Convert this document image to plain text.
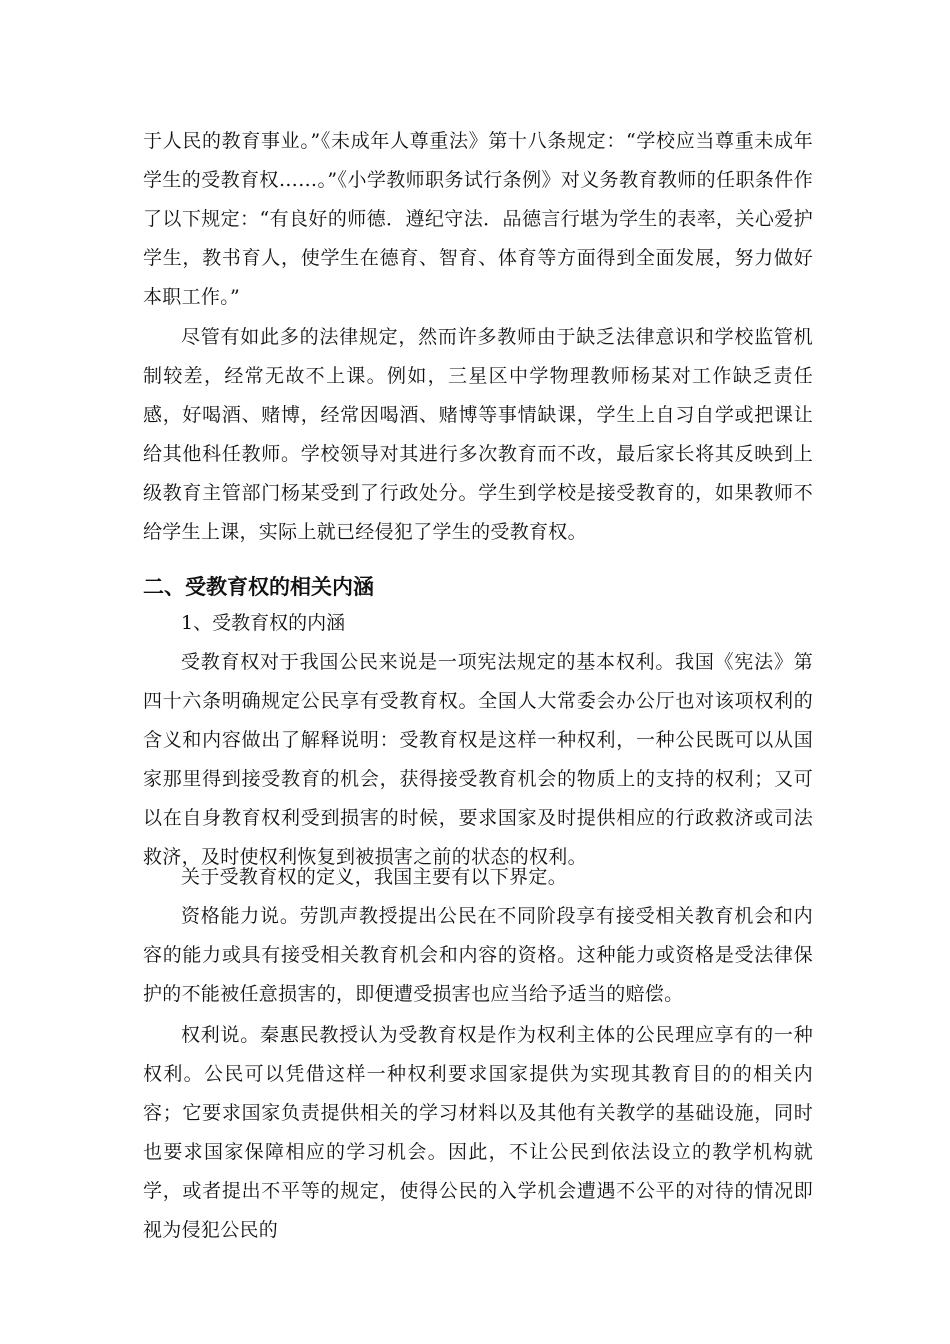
于人民的教育事业。”《未成年人尊重法》第十八条规定：“学校应当尊重未成年学生的受教育权……。”《小学教师职务试行条例》对义务教育教师的任职条件作了以下规定：“有良好的师德．遵纪守法．品德言行堪为学生的表率，关心爱护学生，教书育人，使学生在德育、智育、体育等方面得到全面发展，努力做好本职工作。”

尽管有如此多的法律规定，然而许多教师由于缺乏法律意识和学校监管机制较差，经常无故不上课。例如，三星区中学物理教师杨某对工作缺乏责任感，好喝酒、赌博，经常因喝酒、赌博等事情缺课，学生上自习自学或把课让给其他科任教师。学校领导对其进行多次教育而不改，最后家长将其反映到上级教育主管部门杨某受到了行政处分。学生到学校是接受教育的，如果教师不给学生上课，实际上就已经侵犯了学生的受教育权。

二、受教育权的相关内涵

1、受教育权的内涵

受教育权对于我国公民来说是一项宪法规定的基本权利。我国《宪法》第四十六条明确规定公民享有受教育权。全国人大常委会办公厅也对该项权利的含义和内容做出了解释说明：受教育权是这样一种权利，一种公民既可以从国家那里得到接受教育的机会，获得接受教育机会的物质上的支持的权利；又可以在自身教育权利受到损害的时候，要求国家及时提供相应的行政救济或司法救济，及时使权利恢复到被损害之前的状态的权利。

关于受教育权的定义，我国主要有以下界定。

资格能力说。劳凯声教授提出公民在不同阶段享有接受相关教育机会和内容的能力或具有接受相关教育机会和内容的资格。这种能力或资格是受法律保护的不能被任意损害的，即便遭受损害也应当给予适当的赔偿。

权利说。秦惠民教授认为受教育权是作为权利主体的公民理应享有的一种权利。公民可以凭借这样一种权利要求国家提供为实现其教育目的的相关内容；它要求国家负责提供相关的学习材料以及其他有关教学的基础设施，同时也要求国家保障相应的学习机会。因此，不让公民到依法设立的教学机构就学，或者提出不平等的规定，使得公民的入学机会遭遇不公平的对待的情况即视为侵犯公民的
